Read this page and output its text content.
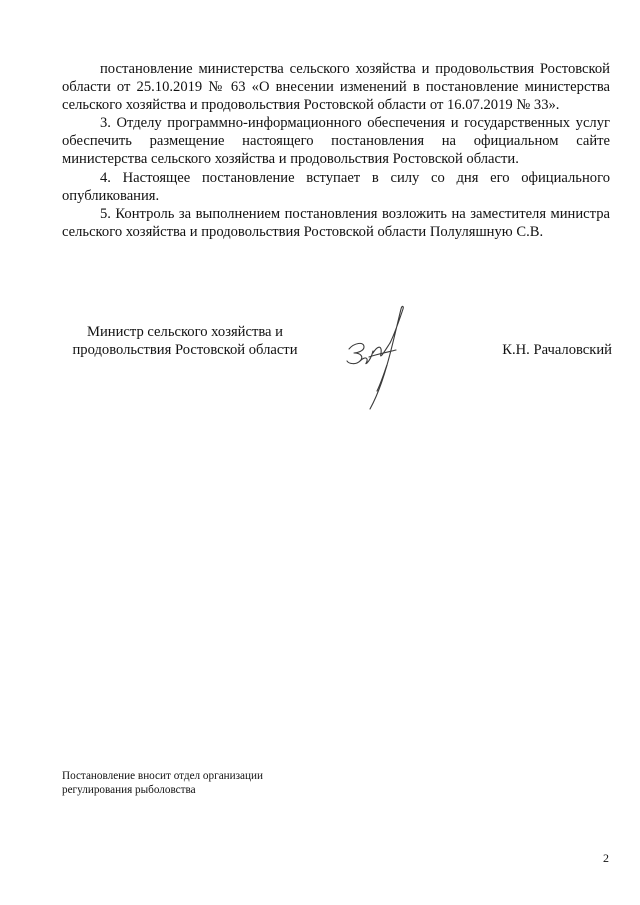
постановление министерства сельского хозяйства и продовольствия Ростовской области от 25.10.2019 № 63 «О внесении изменений в постановление министерства сельского хозяйства и продовольствия Ростовской области от 16.07.2019 № 33».

3. Отделу программно-информационного обеспечения и государственных услуг обеспечить размещение настоящего постановления на официальном сайте министерства сельского хозяйства и продовольствия Ростовской области.

4. Настоящее постановление вступает в силу со дня его официального опубликования.

5. Контроль за выполнением постановления возложить на заместителя министра сельского хозяйства и продовольствия Ростовской области Полуляшную С.В.

Министр сельского хозяйства и
продовольствия Ростовской области	К.Н. Рачаловский
Постановление вносит отдел организации
регулирования рыболовства
2
